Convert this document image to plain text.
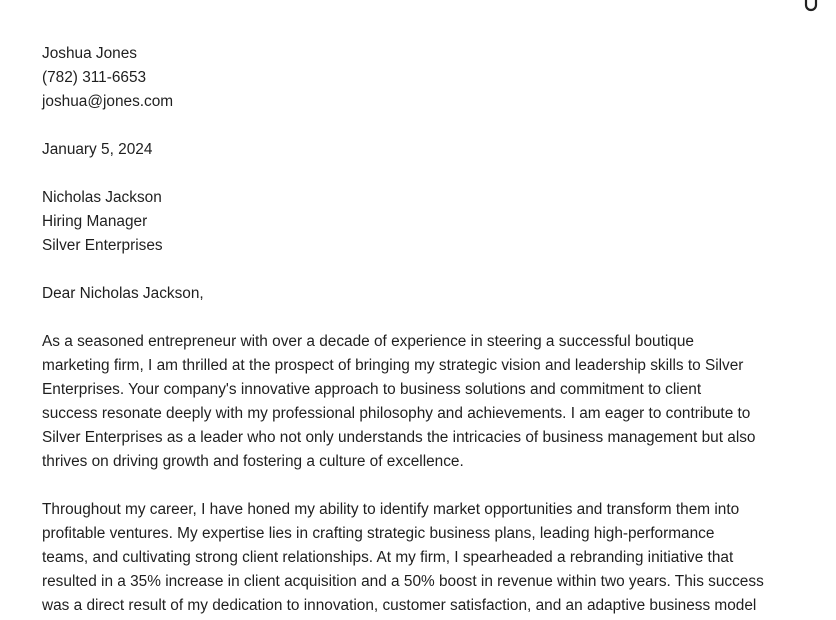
Joshua Jones
(782) 311-6653
joshua@jones.com
January 5, 2024
Nicholas Jackson
Hiring Manager
Silver Enterprises
Dear Nicholas Jackson,
As a seasoned entrepreneur with over a decade of experience in steering a successful boutique
marketing firm, I am thrilled at the prospect of bringing my strategic vision and leadership skills to Silver
Enterprises. Your company's innovative approach to business solutions and commitment to client
success resonate deeply with my professional philosophy and achievements. I am eager to contribute to
Silver Enterprises as a leader who not only understands the intricacies of business management but also
thrives on driving growth and fostering a culture of excellence.
Throughout my career, I have honed my ability to identify market opportunities and transform them into
profitable ventures. My expertise lies in crafting strategic business plans, leading high-performance
teams, and cultivating strong client relationships. At my firm, I spearheaded a rebranding initiative that
resulted in a 35% increase in client acquisition and a 50% boost in revenue within two years. This success
was a direct result of my dedication to innovation, customer satisfaction, and an adaptive business model
